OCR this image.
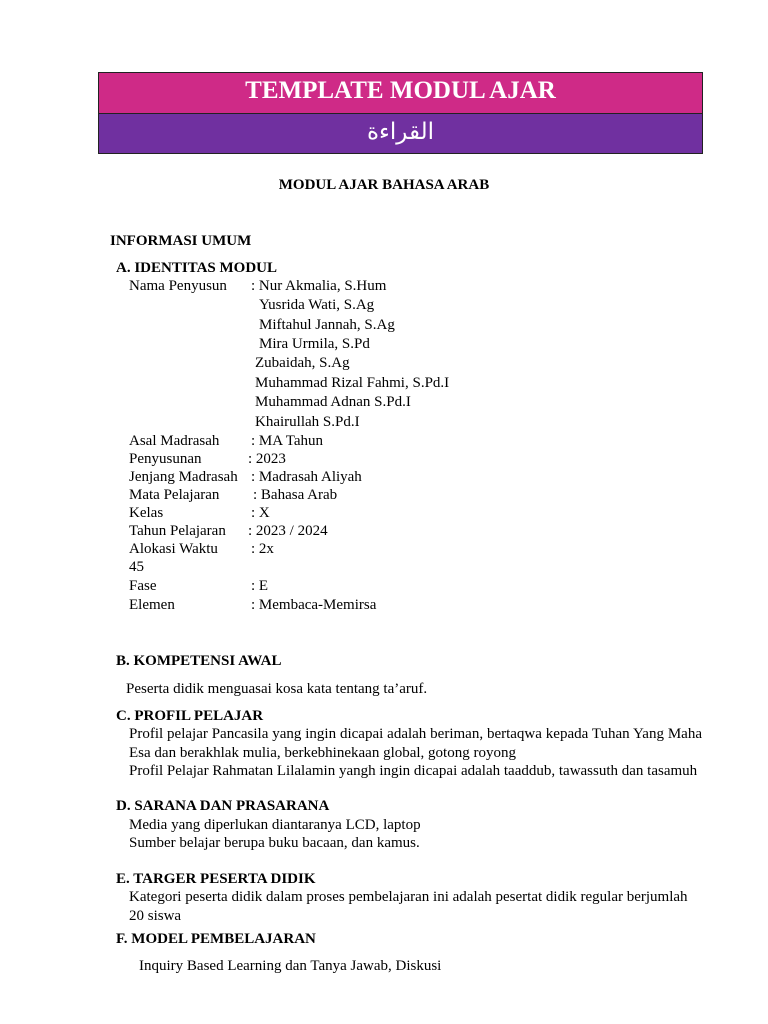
TEMPLATE MODUL AJAR
القراءة
MODUL AJAR BAHASA ARAB
INFORMASI UMUM
A. IDENTITAS MODUL
Nama Penyusun : Nur Akmalia, S.Hum
Yusrida Wati, S.Ag
Miftahul Jannah, S.Ag
Mira Urmila, S.Pd
Zubaidah, S.Ag
Muhammad Rizal Fahmi, S.Pd.I
Muhammad Adnan S.Pd.I
Khairullah S.Pd.I
Asal Madrasah : MA Tahun
Penyusunan	: 2023
Jenjang Madrasah : Madrasah Aliyah
Mata Pelajaran : Bahasa Arab
Kelas	: X
Tahun Pelajaran : 2023 / 2024
Alokasi Waktu : 2x
45
Fase	: E
Elemen	: Membaca-Memirsa
B. KOMPETENSI AWAL
Peserta didik menguasai kosa kata tentang ta’aruf.
C. PROFIL PELAJAR
Profil pelajar Pancasila yang ingin dicapai adalah beriman, bertaqwa kepada Tuhan Yang Maha Esa dan berakhlak mulia, berkebhinekaan global, gotong royong
Profil Pelajar Rahmatan Lilalamin yangh ingin dicapai adalah taaddub, tawassuth dan tasamuh
D. SARANA DAN PRASARANA
Media yang diperlukan diantaranya LCD, laptop
Sumber belajar berupa buku bacaan, dan kamus.
E. TARGER PESERTA DIDIK
Kategori peserta didik dalam proses pembelajaran ini adalah pesertat didik regular berjumlah 20 siswa
F. MODEL PEMBELAJARAN
Inquiry Based Learning dan Tanya Jawab, Diskusi
